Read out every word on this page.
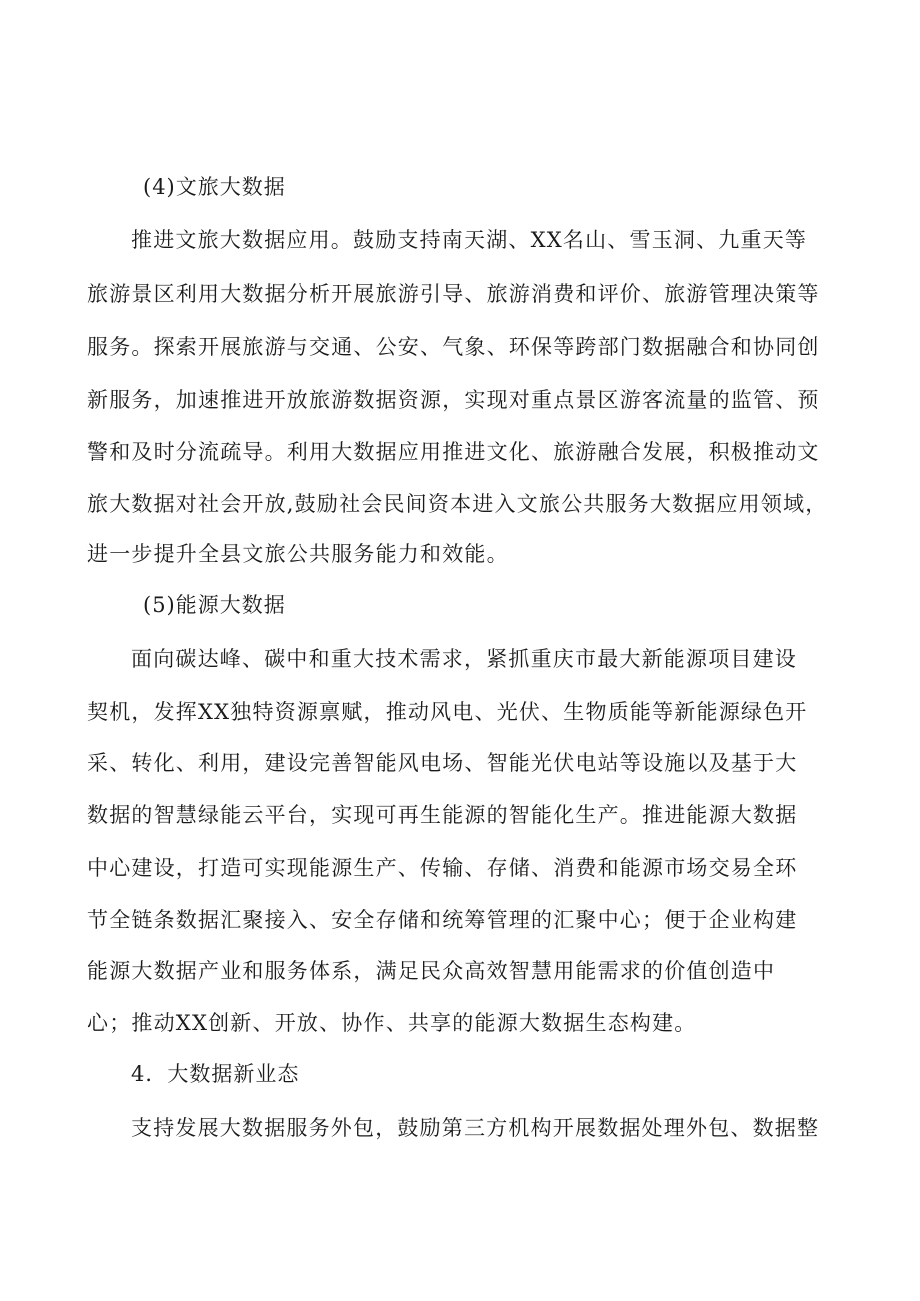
(4)文旅大数据
推进文旅大数据应用。鼓励支持南天湖、XX名山、雪玉洞、九重天等
旅游景区利用大数据分析开展旅游引导、旅游消费和评价、旅游管理决策等
服务。探索开展旅游与交通、公安、气象、环保等跨部门数据融合和协同创
新服务，加速推进开放旅游数据资源，实现对重点景区游客流量的监管、预
警和及时分流疏导。利用大数据应用推进文化、旅游融合发展，积极推动文
旅大数据对社会开放,鼓励社会民间资本进入文旅公共服务大数据应用领域，
进一步提升全县文旅公共服务能力和效能。
(5)能源大数据
面向碳达峰、碳中和重大技术需求，紧抓重庆市最大新能源项目建设
契机，发挥XX独特资源禀赋，推动风电、光伏、生物质能等新能源绿色开
采、转化、利用，建设完善智能风电场、智能光伏电站等设施以及基于大
数据的智慧绿能云平台，实现可再生能源的智能化生产。推进能源大数据
中心建设，打造可实现能源生产、传输、存储、消费和能源市场交易全环
节全链条数据汇聚接入、安全存储和统筹管理的汇聚中心；便于企业构建
能源大数据产业和服务体系，满足民众高效智慧用能需求的价值创造中
心；推动XX创新、开放、协作、共享的能源大数据生态构建。
4．大数据新业态
支持发展大数据服务外包，鼓励第三方机构开展数据处理外包、数据整
